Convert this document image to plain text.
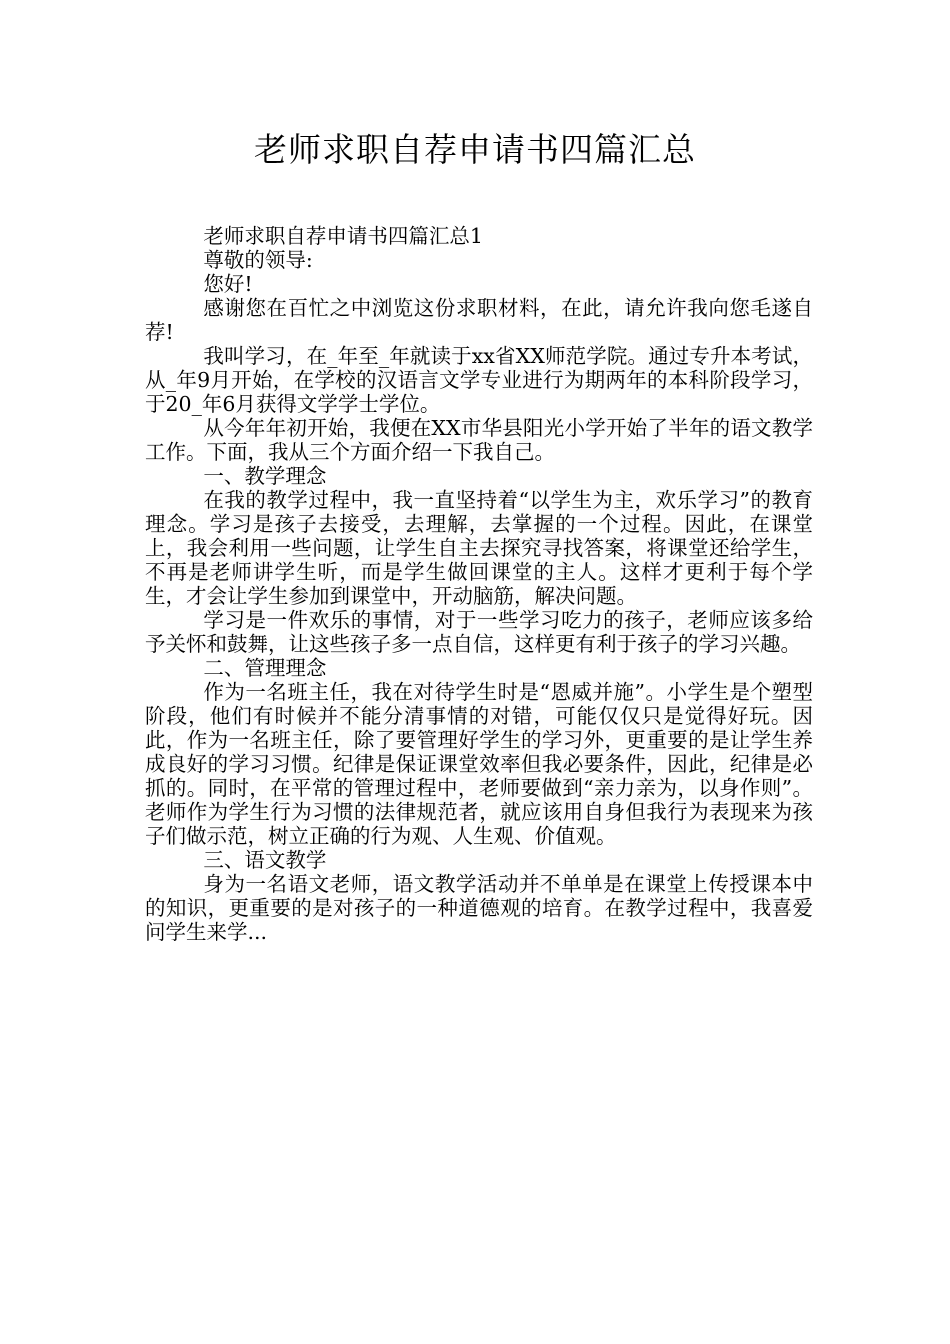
老师求职自荐申请书四篇汇总

老师求职自荐申请书四篇汇总1

尊敬的领导:

您好!

感谢您在百忙之中浏览这份求职材料，在此，请允许我向您毛遂自荐!

我叫学习，在_年至_年就读于xx省XX师范学院。通过专升本考试，从_年9月开始，在学校的汉语言文学专业进行为期两年的本科阶段学习，于20_年6月获得文学学士学位。

从今年年初开始，我便在XX市华县阳光小学开始了半年的语文教学工作。下面，我从三个方面介绍一下我自己。

一、教学理念

在我的教学过程中，我一直坚持着“以学生为主，欢乐学习”的教育理念。学习是孩子去接受，去理解，去掌握的一个过程。因此，在课堂上，我会利用一些问题，让学生自主去探究寻找答案，将课堂还给学生，不再是老师讲学生听，而是学生做回课堂的主人。这样才更利于每个学生，才会让学生参加到课堂中，开动脑筋，解决问题。

学习是一件欢乐的事情，对于一些学习吃力的孩子，老师应该多给予关怀和鼓舞，让这些孩子多一点自信，这样更有利于孩子的学习兴趣。

二、管理理念

作为一名班主任，我在对待学生时是“恩威并施”。小学生是个塑型阶段，他们有时候并不能分清事情的对错，可能仅仅只是觉得好玩。因此，作为一名班主任，除了要管理好学生的学习外，更重要的是让学生养成良好的学习习惯。纪律是保证课堂效率但我必要条件，因此，纪律是必抓的。同时，在平常的管理过程中，老师要做到“亲力亲为，以身作则”。老师作为学生行为习惯的法律规范者，就应该用自身但我行为表现来为孩子们做示范，树立正确的行为观、人生观、价值观。

三、语文教学

身为一名语文老师，语文教学活动并不单单是在课堂上传授课本中的知识，更重要的是对孩子的一种道德观的培育。在教学过程中，我喜爱问学生来学...
